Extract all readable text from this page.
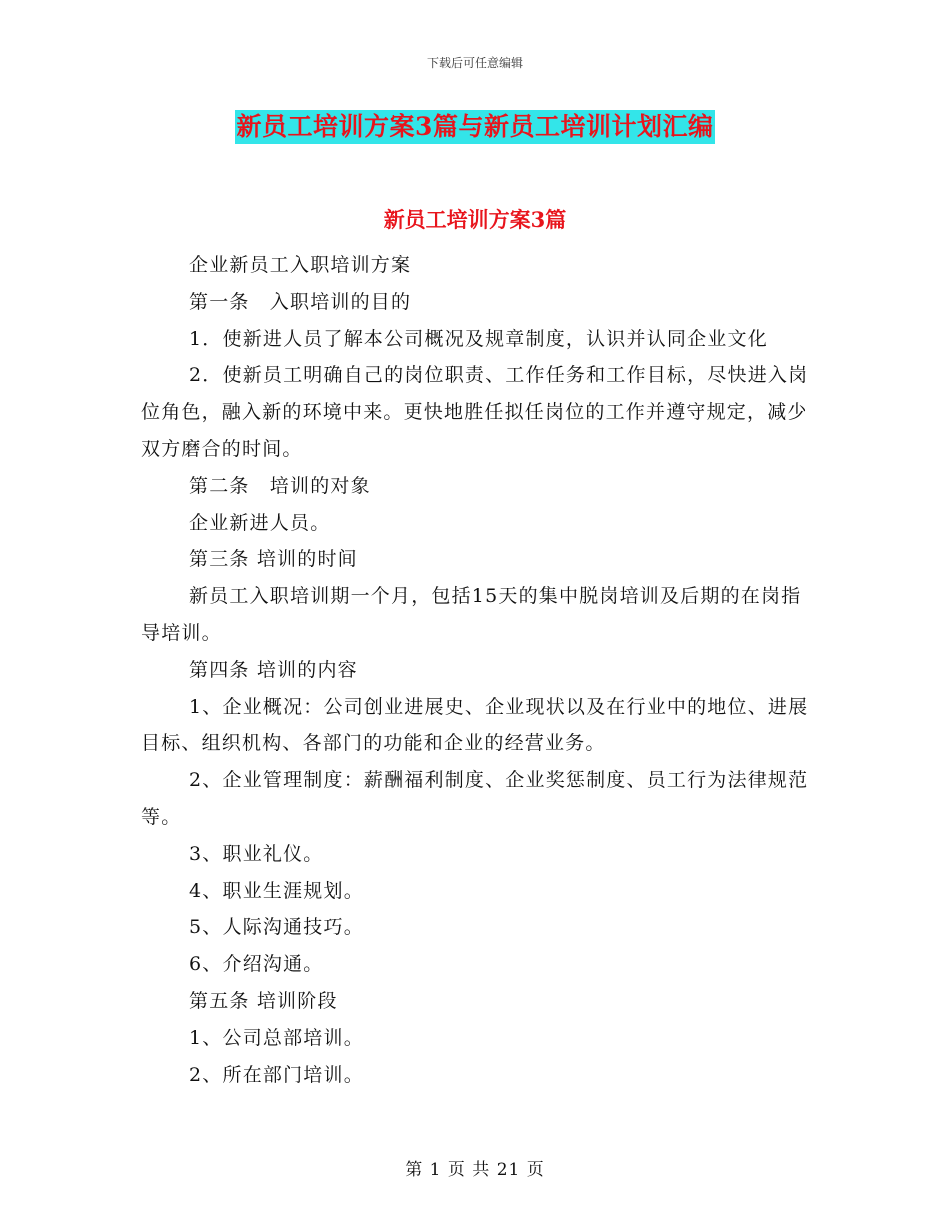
下载后可任意编辑
新员工培训方案3篇与新员工培训计划汇编
新员工培训方案3篇

企业新员工入职培训方案

第一条　入职培训的目的

1．使新进人员了解本公司概况及规章制度，认识并认同企业文化

2．使新员工明确自己的岗位职责、工作任务和工作目标，尽快进入岗位角色，融入新的环境中来。更快地胜任拟任岗位的工作并遵守规定，减少双方磨合的时间。

第二条　培训的对象

企业新进人员。

第三条 培训的时间

新员工入职培训期一个月，包括15天的集中脱岗培训及后期的在岗指导培训。

第四条 培训的内容

1、企业概况：公司创业进展史、企业现状以及在行业中的地位、进展目标、组织机构、各部门的功能和企业的经营业务。

2、企业管理制度：薪酬福利制度、企业奖惩制度、员工行为法律规范等。

3、职业礼仪。

4、职业生涯规划。

5、人际沟通技巧。

6、介绍沟通。

第五条 培训阶段

1、公司总部培训。

2、所在部门培训。

第 1 页 共 21 页
